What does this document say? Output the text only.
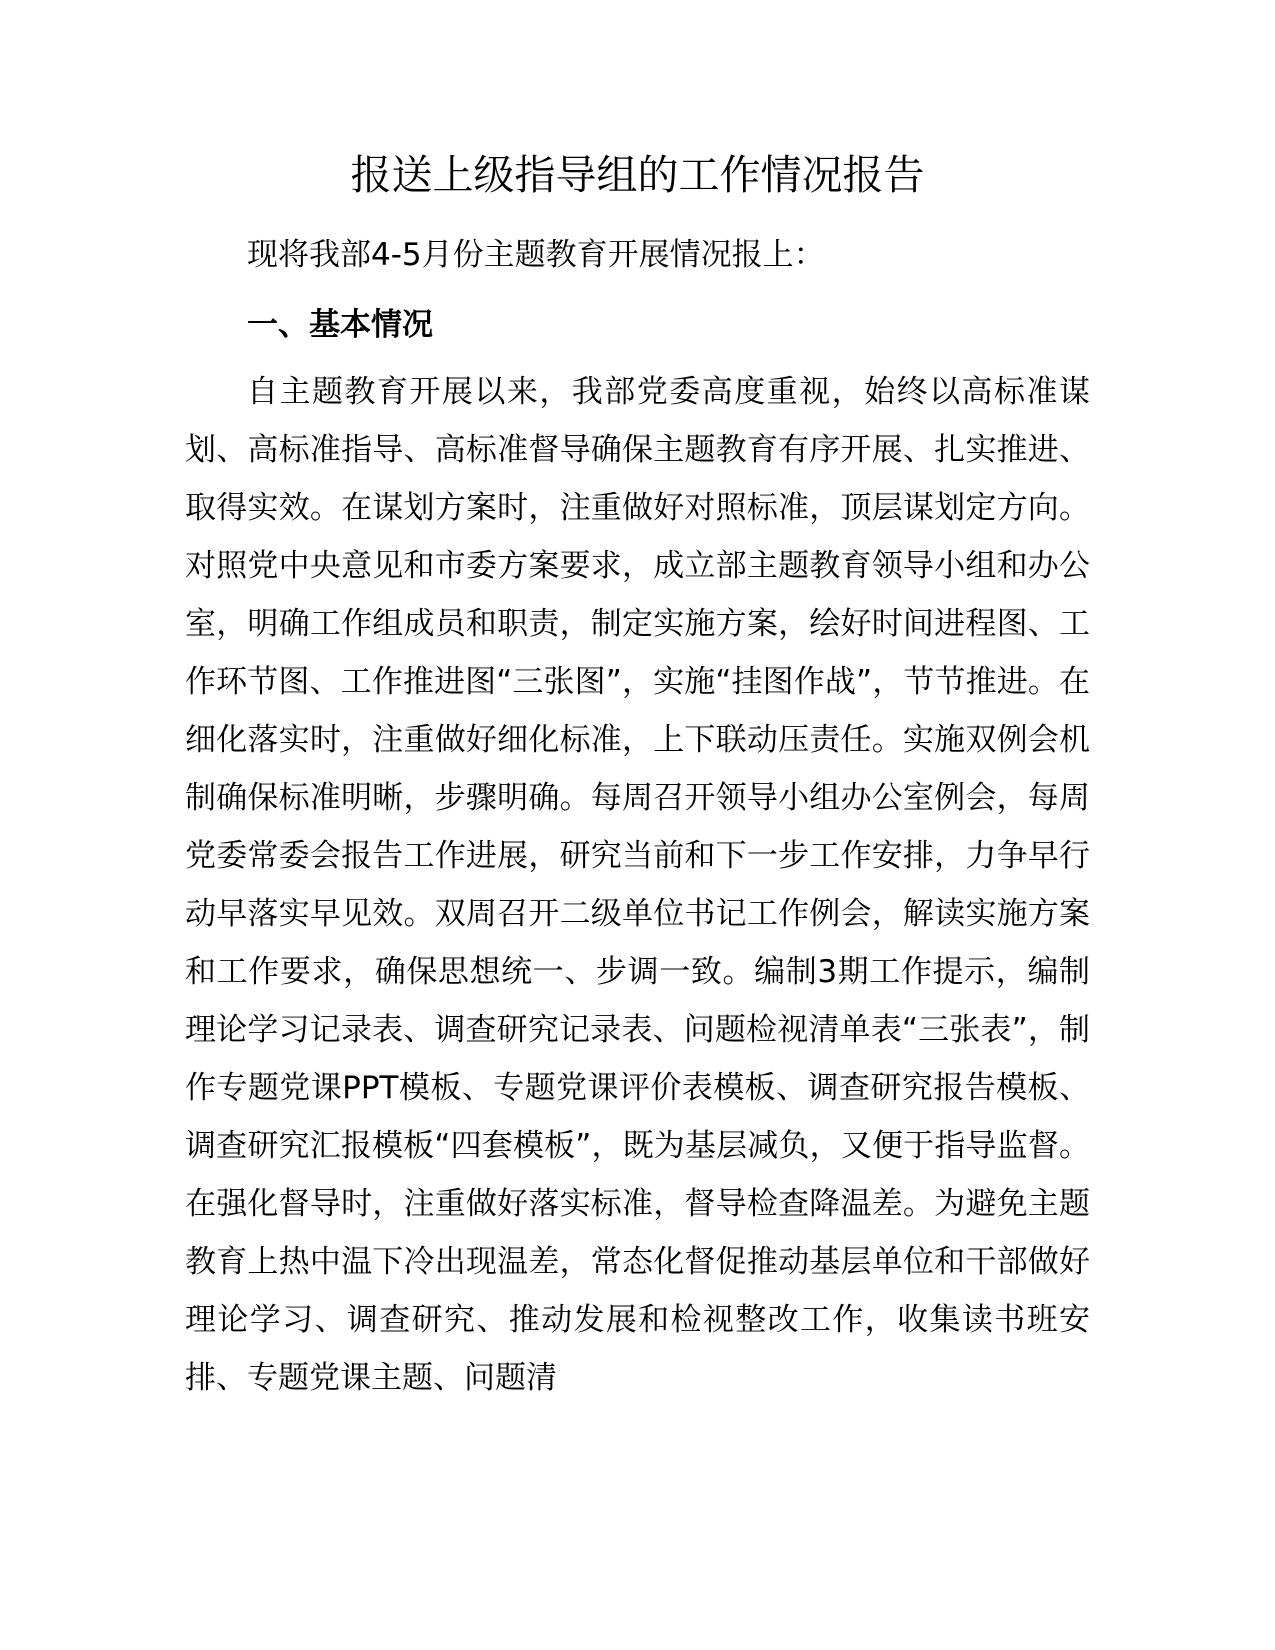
报送上级指导组的工作情况报告

现将我部4-5月份主题教育开展情况报上：

一、基本情况

自主题教育开展以来，我部党委高度重视，始终以高标准谋划、高标准指导、高标准督导确保主题教育有序开展、扎实推进、取得实效。在谋划方案时，注重做好对照标准，顶层谋划定方向。对照党中央意见和市委方案要求，成立部主题教育领导小组和办公室，明确工作组成员和职责，制定实施方案，绘好时间进程图、工作环节图、工作推进图“三张图”，实施“挂图作战”，节节推进。在细化落实时，注重做好细化标准，上下联动压责任。实施双例会机制确保标准明晰，步骤明确。每周召开领导小组办公室例会，每周党委常委会报告工作进展，研究当前和下一步工作安排，力争早行动早落实早见效。双周召开二级单位书记工作例会，解读实施方案和工作要求，确保思想统一、步调一致。编制3期工作提示，编制理论学习记录表、调查研究记录表、问题检视清单表“三张表”，制作专题党课PPT模板、专题党课评价表模板、调查研究报告模板、调查研究汇报模板“四套模板”，既为基层减负，又便于指导监督。在强化督导时，注重做好落实标准，督导检查降温差。为避免主题教育上热中温下冷出现温差，常态化督促推动基层单位和干部做好理论学习、调查研究、推动发展和检视整改工作，收集读书班安排、专题党课主题、问题清
